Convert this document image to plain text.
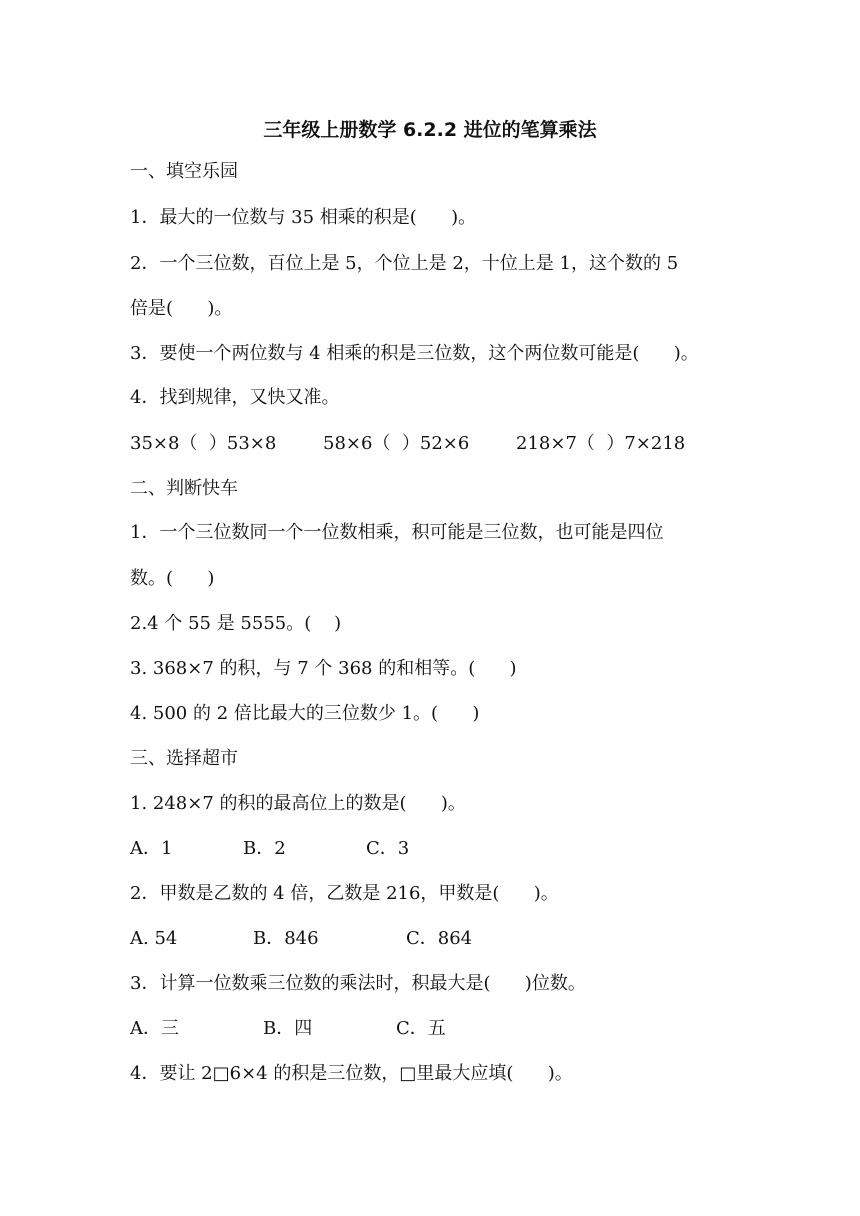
三年级上册数学 6.2.2 进位的笔算乘法
一、填空乐园
1．最大的一位数与 35 相乘的积是(      )。
2．一个三位数，百位上是 5，个位上是 2，十位上是 1，这个数的 5
倍是(      )。
3．要使一个两位数与 4 相乘的积是三位数，这个两位数可能是(      )。
4．找到规律，又快又准。
35×8（  ）53×8	58×6（  ）52×6	218×7（  ）7×218
二、判断快车
1．一个三位数同一个一位数相乘，积可能是三位数，也可能是四位
数。(      )
2.4 个 55 是 5555。(    )
3. 368×7 的积，与 7 个 368 的和相等。(      )
4. 500 的 2 倍比最大的三位数少 1。(      )
三、选择超市
1. 248×7 的积的最高位上的数是(      )。
A．1	B．2	C．3
2．甲数是乙数的 4 倍，乙数是 216，甲数是(      )。
A. 54	B．846	C．864
3．计算一位数乘三位数的乘法时，积最大是(      )位数。
A．三	B．四	C．五
4．要让 2□6×4 的积是三位数，□里最大应填(      )。
